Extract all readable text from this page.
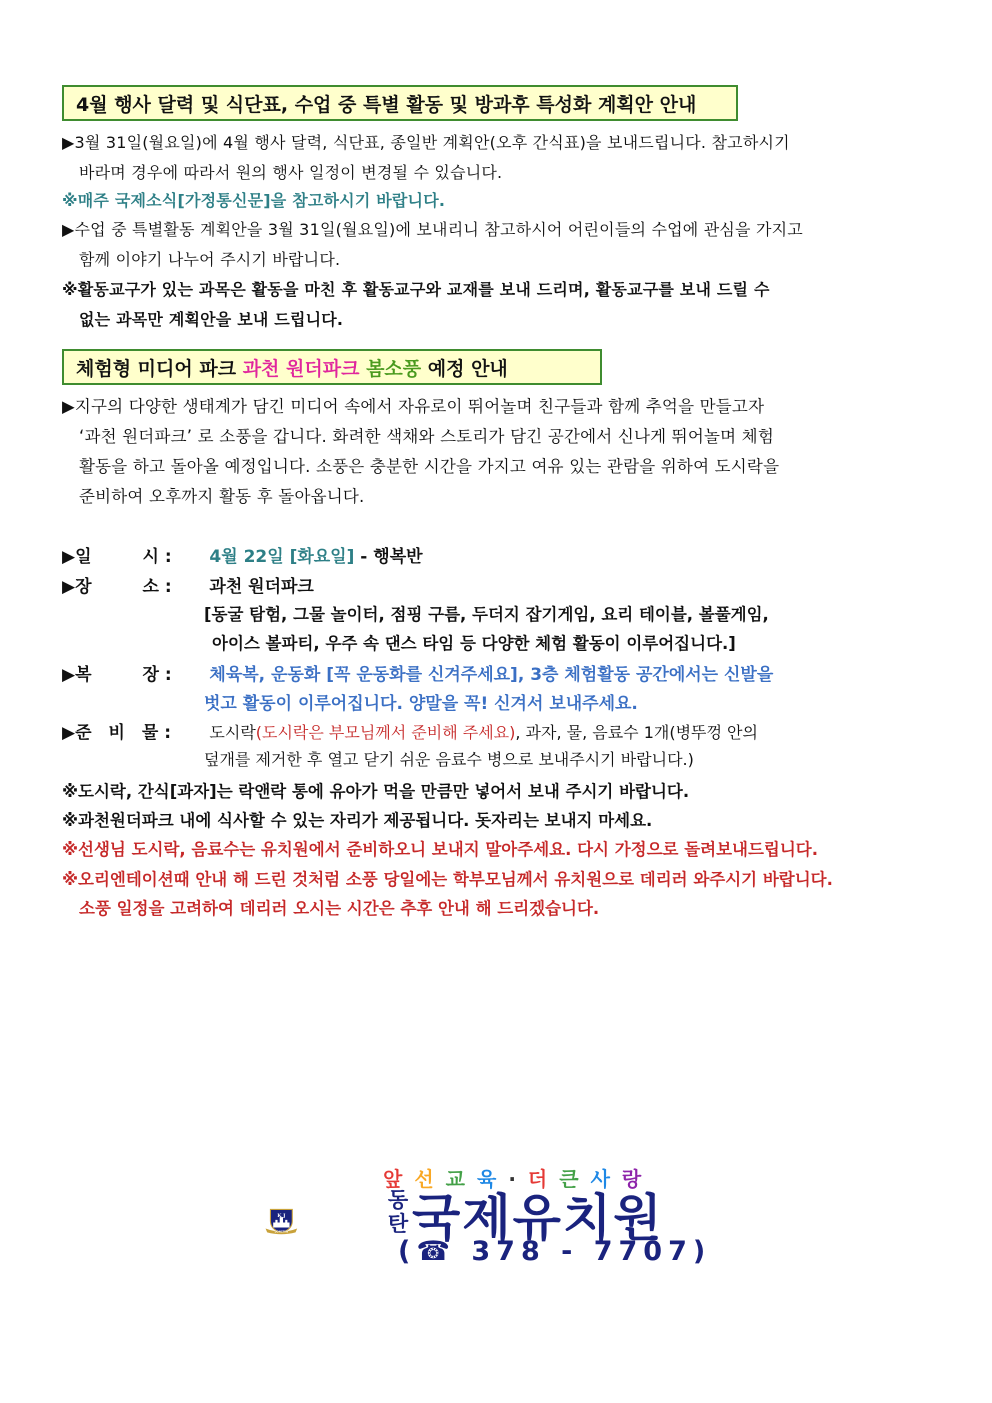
4월 행사 달력 및 식단표, 수업 중 특별 활동 및 방과후 특성화 계획안 안내
▶3월 31일(월요일)에 4월 행사 달력, 식단표, 종일반 계획안(오후 간식표)을 보내드립니다. 참고하시기
바라며 경우에 따라서 원의 행사 일정이 변경될 수 있습니다.
※매주 국제소식[가정통신문]을 참고하시기 바랍니다.
▶수업 중 특별활동 계획안을 3월 31일(월요일)에 보내리니 참고하시어 어린이들의 수업에 관심을 가지고
함께 이야기 나누어 주시기 바랍니다.
※활동교구가 있는 과목은 활동을 마친 후 활동교구와 교재를 보내 드리며, 활동교구를 보내 드릴 수
없는 과목만 계획안을 보내 드립니다.
체험형 미디어 파크 과천 원더파크
봄소풍 예정 안내
▶지구의 다양한 생태계가 담긴 미디어 속에서 자유로이 뛰어놀며 친구들과 함께 추억을 만들고자
‘과천 원더파크’ 로 소풍을 갑니다. 화려한 색채와 스토리가 담긴 공간에서 신나게 뛰어놀며 체험
활동을 하고 돌아올 예정입니다. 소풍은 충분한 시간을 가지고 여유 있는 관람을 위하여 도시락을
준비하여 오후까지 활동 후 돌아옵니다.
▶일　　　시 : 4월 22일 [화요일] - 행복반
▶장　　　소 : 과천 원더파크
[동굴 탐험, 그물 놀이터, 점핑 구름, 두더지 잡기게임, 요리 테이블, 볼풀게임,
아이스 볼파티, 우주 속 댄스 타임 등 다양한 체험 활동이 이루어집니다.]
▶복　　　장 : 체육복, 운동화 [꼭 운동화를 신겨주세요], 3층 체험활동 공간에서는 신발을
벗고 활동이 이루어집니다. 양말을 꼭! 신겨서 보내주세요.
▶준　비　물 : 도시락(도시락은 부모님께서 준비해 주세요), 과자, 물, 음료수 1개(병뚜껑 안의
덮개를 제거한 후 열고 닫기 쉬운 음료수 병으로 보내주시기 바랍니다.)
※도시락, 간식[과자]는 락앤락 통에 유아가 먹을 만큼만 넣어서 보내 주시기 바랍니다.
※과천원더파크 내에 식사할 수 있는 자리가 제공됩니다. 돗자리는 보내지 마세요.
※선생님 도시락, 음료수는 유치원에서 준비하오니 보내지 말아주세요. 다시 가정으로 돌려보내드립니다.
※오리엔테이션때 안내 해 드린 것처럼 소풍 당일에는 학부모님께서 유치원으로 데리러 와주시기 바랍니다.
소풍 일정을 고려하여 데리러 오시는 시간은 추후 안내 해 드리겠습니다.
K J
DONGTAN
앞선교육·더큰사랑
동
탄 국제유치원
(☎ 378 - 7707)
